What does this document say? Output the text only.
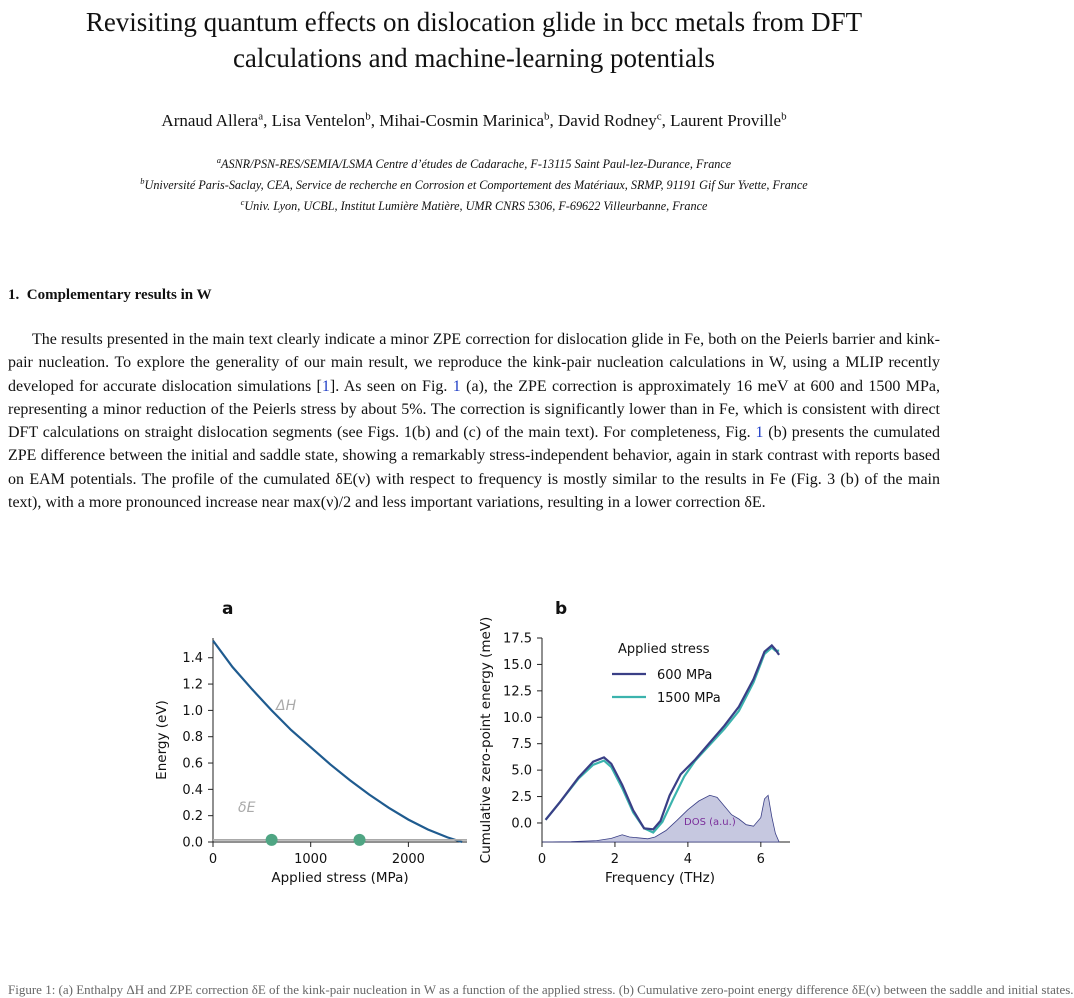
Revisiting quantum effects on dislocation glide in bcc metals from DFT
calculations and machine-learning potentials
Arnaud Allera$^a$, Lisa Ventelon$^b$, Mihai-Cosmin Marinica$^b$, David Rodney$^c$, Laurent Proville$^b$
$^a$ASNR/PSN-RES/SEMIA/LSMA Centre d’études de Cadarache, F-13115 Saint Paul-lez-Durance, France
$^b$Université Paris-Saclay, CEA, Service de recherche en Corrosion et Comportement des Matériaux, SRMP, 91191 Gif Sur Yvette, France
$^c$Univ. Lyon, UCBL, Institut Lumière Matière, UMR CNRS 5306, F-69622 Villeurbanne, France
1. Complementary results in W
The results presented in the main text clearly indicate a minor ZPE correction for dislocation glide in Fe, both on the Peierls barrier and kink-pair nucleation. To explore the generality of our main result, we reproduce the kink-pair nucleation calculations in W, using a MLIP recently developed for accurate dislocation simulations [1]. As seen on Fig. 1 (a), the ZPE correction is approximately 16 meV at 600 and 1500 MPa, representing a minor reduction of the Peierls stress by about 5%. The correction is significantly lower than in Fe, which is consistent with direct DFT calculations on straight dislocation segments (see Figs. 1(b) and (c) of the main text). For completeness, Fig. 1 (b) presents the cumulated ZPE difference between the initial and saddle state, showing a remarkably stress-independent behavior, again in stark contrast with reports based on EAM potentials. The profile of the cumulated δE(ν) with respect to frequency is mostly similar to the results in Fe (Fig. 3 (b) of the main text), with a more pronounced increase near max(ν)/2 and less important variations, resulting in a lower correction δE.
a
0	1000	2000
0.0
0.2
0.4
0.6
0.8
1.0
1.2
1.4
Energy (eV)
Applied stress (MPa)
ΔH
δE
b
0	2	4	6
0.0
2.5
5.0
7.5
10.0
12.5
15.0
17.5
Cumulative zero-point energy (meV)
Frequency (THz)
DOS (a.u.)
Applied stress
600 MPa
1500 MPa
Figure 1: (a) Enthalpy ΔH and ZPE correction δE of the kink-pair nucleation in W as a function of the applied stress. (b) Cumulative zero-point energy difference δE(ν) between the saddle and initial states.
